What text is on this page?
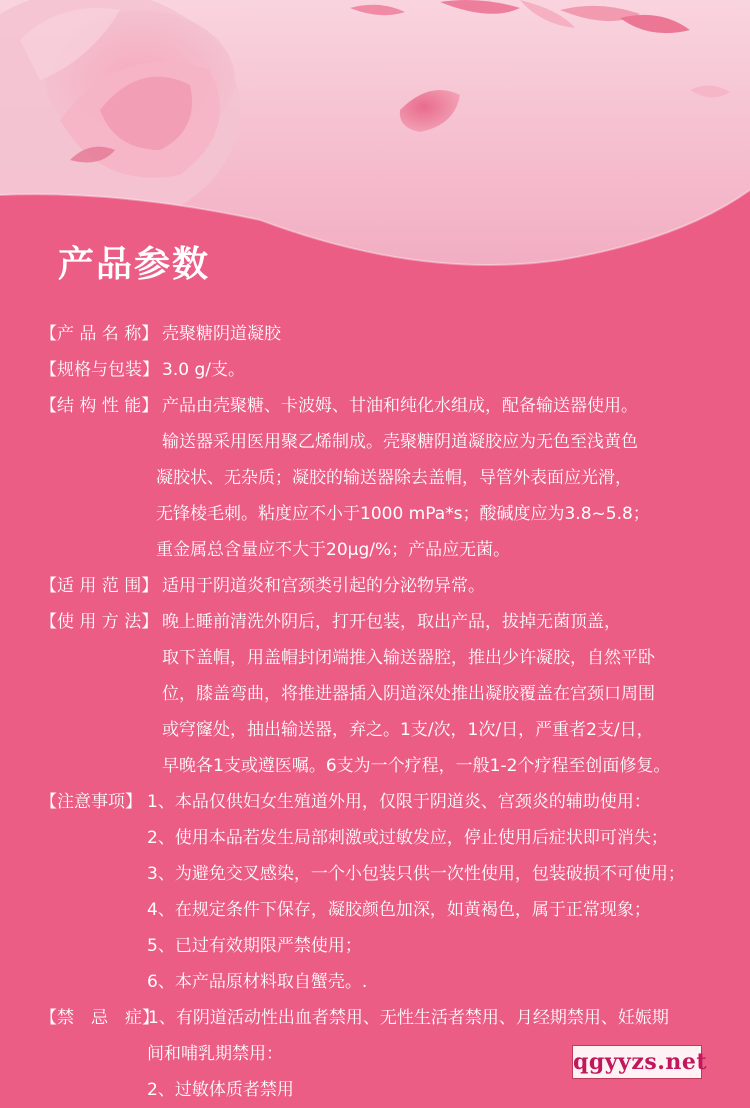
产品参数
【产 品 名 称】 壳聚糖阴道凝胶
【规格与包装】 3.0 g/支。
【结 构 性 能】 产品由壳聚糖、卡波姆、甘油和纯化水组成，配备输送器使用。
输送器采用医用聚乙烯制成。壳聚糖阴道凝胶应为无色至浅黄色
凝胶状、无杂质；凝胶的输送器除去盖帽，导管外表面应光滑，
无锋棱毛刺。粘度应不小于1000 mPa*s；酸碱度应为3.8~5.8；
重金属总含量应不大于20μg/%；产品应无菌。
【适 用 范 围】 适用于阴道炎和宫颈类引起的分泌物异常。
【使 用 方 法】 晚上睡前清洗外阴后，打开包装，取出产品，拔掉无菌顶盖，
取下盖帽，用盖帽封闭端推入输送器腔，推出少许凝胶，自然平卧
位，膝盖弯曲，将推进器插入阴道深处推出凝胶覆盖在宫颈口周围
或穹窿处，抽出输送器，弃之。1支/次，1次/日，严重者2支/日，
早晚各1支或遵医嘱。6支为一个疗程，一般1-2个疗程至创面修复。
【注意事项】 1、本品仅供妇女生殖道外用，仅限于阴道炎、宫颈炎的辅助使用：
2、使用本品若发生局部刺激或过敏发应，停止使用后症状即可消失；
3、为避免交叉感染，一个小包装只供一次性使用，包装破损不可使用；
4、在规定条件下保存，凝胶颜色加深，如黄褐色，属于正常现象；
5、已过有效期限严禁使用；
6、本产品原材料取自蟹壳。.
【禁　忌　症】
1、有阴道活动性出血者禁用、无性生活者禁用、月经期禁用、妊娠期
间和哺乳期禁用：
2、过敏体质者禁用
qgyyzs.net
